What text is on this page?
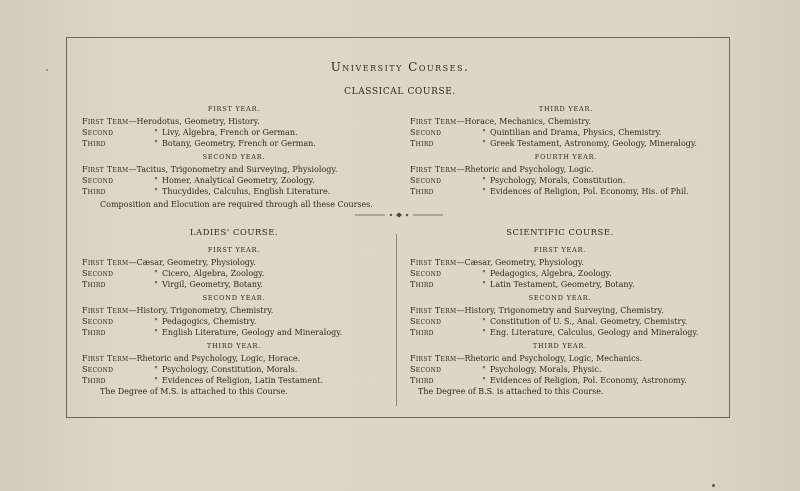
University Courses.
CLASSICAL COURSE.
FIRST YEAR.
First Term—Herodotus, Geometry, History.
Second	" Livy, Algebra, French or German.
Third	" Botany, Geometry, French or German.
SECOND YEAR.
First Term—Tacitus, Trigonometry and Surveying, Physiology.
Second	" Homer, Analytical Geometry, Zoology.
Third	" Thucydides, Calculus, English Literature.
THIRD YEAR.
First Term—Horace, Mechanics, Chemistry.
Second	" Quintilian and Drama, Physics, Chemistry.
Third	" Greek Testament, Astronomy, Geology, Mineralogy.
FOURTH YEAR.
First Term—Rhetoric and Psychology, Logic.
Second	" Psychology, Morals, Constitution.
Third	" Evidences of Religion, Pol. Economy, His. of Phil.
Composition and Elocution are required through all these Courses.
LADIES' COURSE.
FIRST YEAR.
First Term—Cæsar, Geometry, Physiology.
Second	" Cicero, Algebra, Zoology.
Third	" Virgil, Geometry, Botany.
SECOND YEAR.
First Term—History, Trigonometry, Chemistry.
Second	" Pedagogics, Chemistry.
Third	" English Literature, Geology and Mineralogy.
THIRD YEAR.
First Term—Rhetoric and Psychology, Logic, Horace.
Second	" Psychology, Constitution, Morals.
Third	" Evidences of Religion, Latin Testament.
The Degree of M.S. is attached to this Course.
SCIENTIFIC COURSE.
FIRST YEAR.
First Term—Cæsar, Geometry, Physiology.
Second	" Pedagogics, Algebra, Zoology.
Third	" Latin Testament, Geometry, Botany.
SECOND YEAR.
First Term—History, Trigonometry and Surveying, Chemistry.
Second	" Constitution of U. S., Anal. Geometry, Chemistry.
Third	" Eng. Literature, Calculus, Geology and Mineralogy.
THIRD YEAR.
First Term—Rhetoric and Psychology, Logic, Mechanics.
Second	" Psychology, Morals, Physic.
Third	" Evidences of Religion, Pol. Economy, Astronomy.
The Degree of B.S. is attached to this Course.
